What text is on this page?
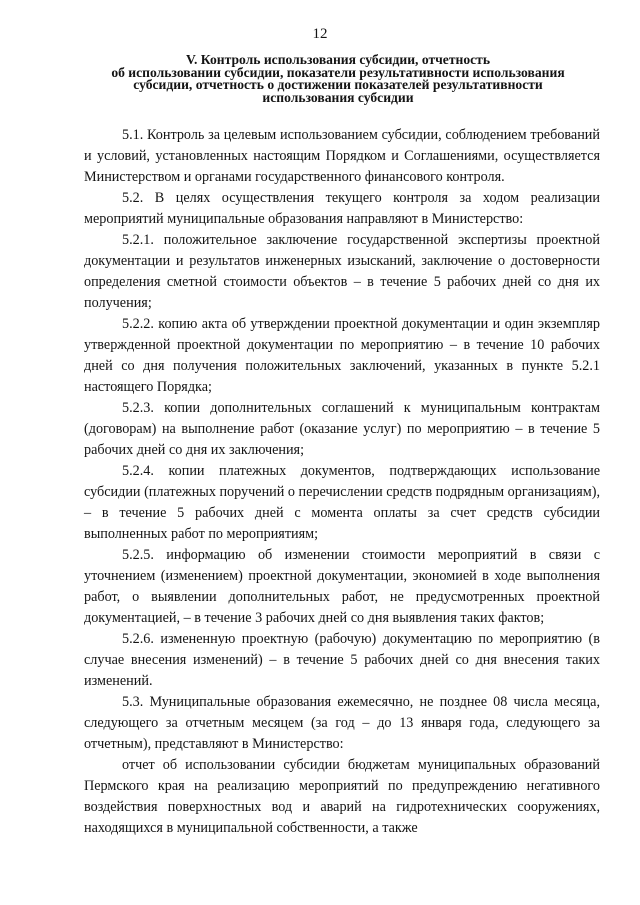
12
V. Контроль использования субсидии, отчетность
об использовании субсидии, показатели результативности использования
субсидии, отчетность о достижении показателей результативности
использования субсидии

5.1. Контроль за целевым использованием субсидии, соблюдением требований и условий, установленных настоящим Порядком и Соглашениями, осуществляется Министерством и органами государственного финансового контроля.

5.2. В целях осуществления текущего контроля за ходом реализации мероприятий муниципальные образования направляют в Министерство:

5.2.1. положительное заключение государственной экспертизы проектной документации и результатов инженерных изысканий, заключение о достоверности определения сметной стоимости объектов – в течение 5 рабочих дней со дня их получения;

5.2.2. копию акта об утверждении проектной документации и один экземпляр утвержденной проектной документации по мероприятию – в течение 10 рабочих дней со дня получения положительных заключений, указанных в пункте 5.2.1 настоящего Порядка;

5.2.3. копии дополнительных соглашений к муниципальным контрактам (договорам) на выполнение работ (оказание услуг) по мероприятию – в течение 5 рабочих дней со дня их заключения;

5.2.4. копии платежных документов, подтверждающих использование субсидии (платежных поручений о перечислении средств подрядным организациям), – в течение 5 рабочих дней с момента оплаты за счет средств субсидии выполненных работ по мероприятиям;

5.2.5. информацию об изменении стоимости мероприятий в связи с уточнением (изменением) проектной документации, экономией в ходе выполнения работ, о выявлении дополнительных работ, не предусмотренных проектной документацией, – в течение 3 рабочих дней со дня выявления таких фактов;

5.2.6. измененную проектную (рабочую) документацию по мероприятию (в случае внесения изменений) – в течение 5 рабочих дней со дня внесения таких изменений.

5.3. Муниципальные образования ежемесячно, не позднее 08 числа месяца, следующего за отчетным месяцем (за год – до 13 января года, следующего за отчетным), представляют в Министерство:

отчет об использовании субсидии бюджетам муниципальных образований Пермского края на реализацию мероприятий по предупреждению негативного воздействия поверхностных вод и аварий на гидротехнических сооружениях, находящихся в муниципальной собственности, а также
